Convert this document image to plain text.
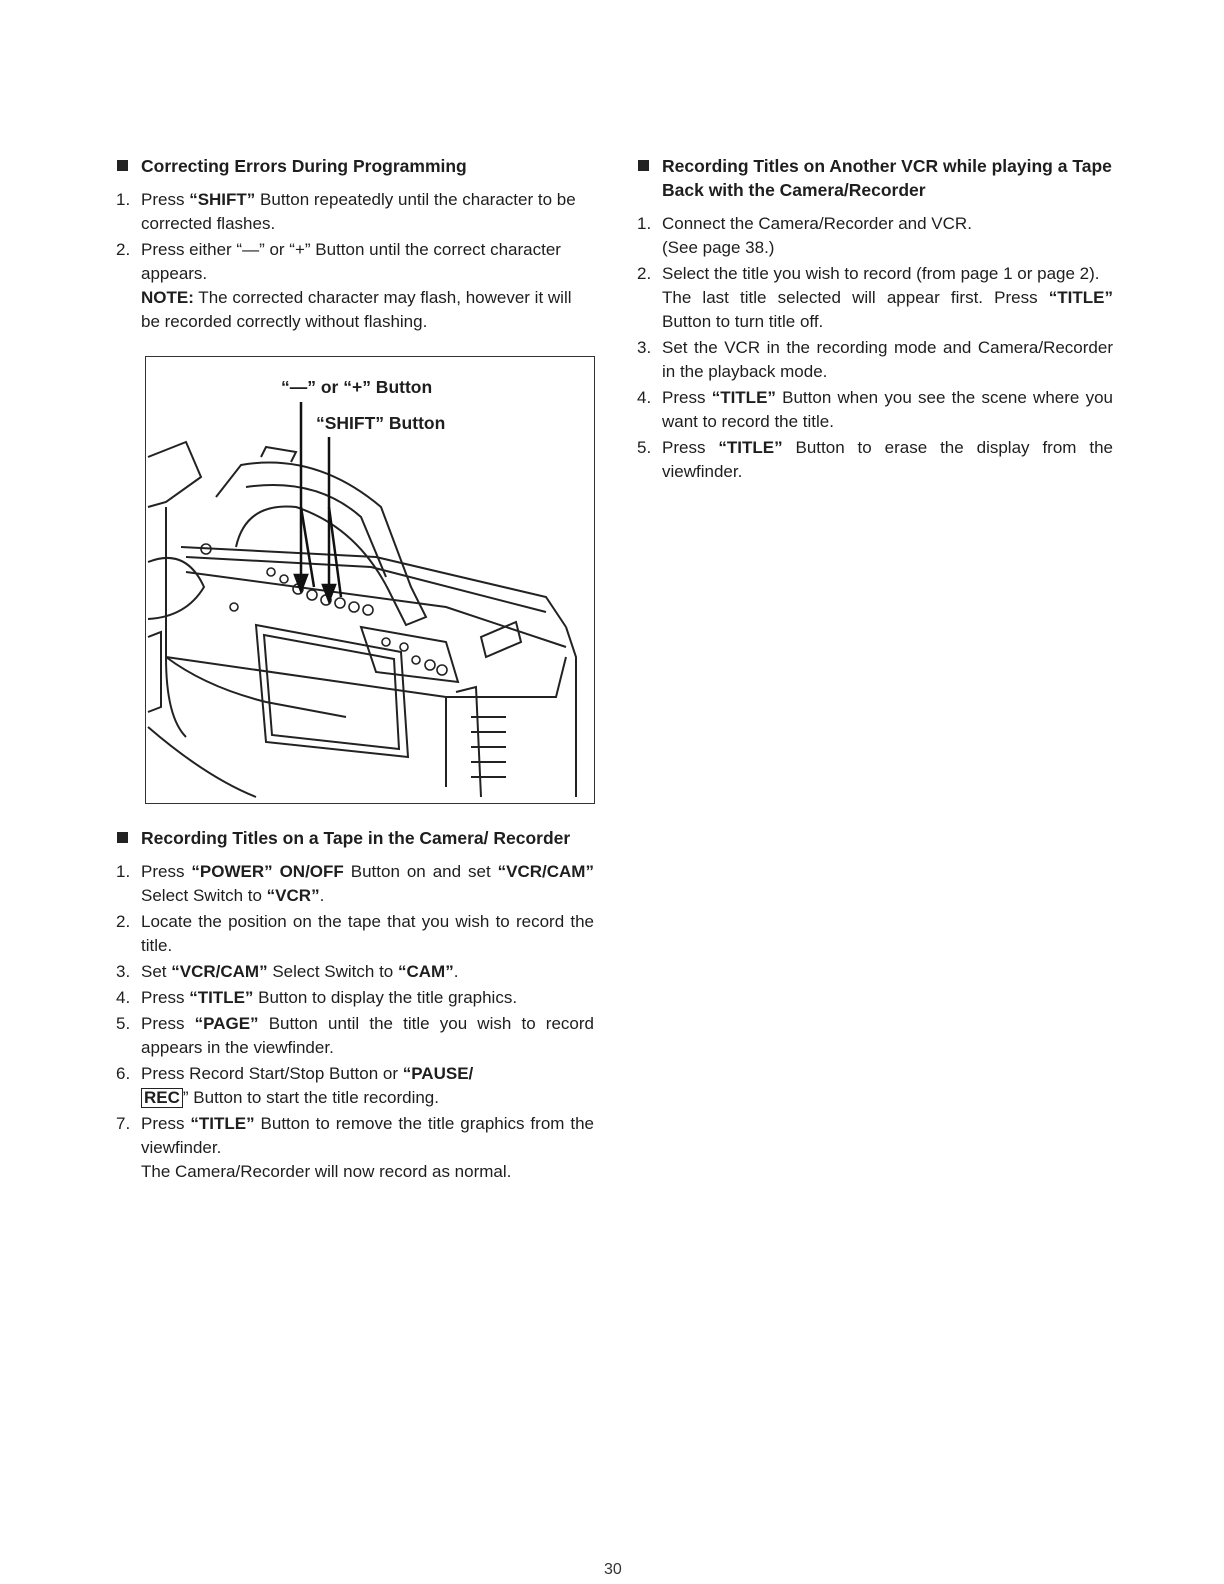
Correcting Errors During Programming
1. Press “SHIFT” Button repeatedly until the character to be corrected flashes.
2. Press either “—” or “+” Button until the correct character appears.
NOTE: The corrected character may flash, however it will be recorded correctly without flashing.
“—” or “+” Button
“SHIFT” Button
Recording Titles on a Tape in the Camera/ Recorder
1. Press “POWER” ON/OFF Button on and set “VCR/CAM” Select Switch to “VCR”.
2. Locate the position on the tape that you wish to record the title.
3. Set “VCR/CAM” Select Switch to “CAM”.
4. Press “TITLE” Button to display the title graphics.
5. Press “PAGE” Button until the title you wish to record appears in the viewfinder.
6. Press Record Start/Stop Button or “PAUSE/
REC ” Button to start the title recording.
7. Press “TITLE” Button to remove the title graphics from the viewfinder.
The Camera/Recorder will now record as normal.
Recording Titles on Another VCR while playing a Tape Back with the Camera/Recorder
1. Connect the Camera/Recorder and VCR.
(See page 38.)
2. Select the title you wish to record (from page 1 or page 2).
The last title selected will appear first. Press “TITLE” Button to turn title off.
3. Set the VCR in the recording mode and Camera/Recorder in the playback mode.
4. Press “TITLE” Button when you see the scene where you want to record the title.
5. Press “TITLE” Button to erase the display from the viewfinder.
30
